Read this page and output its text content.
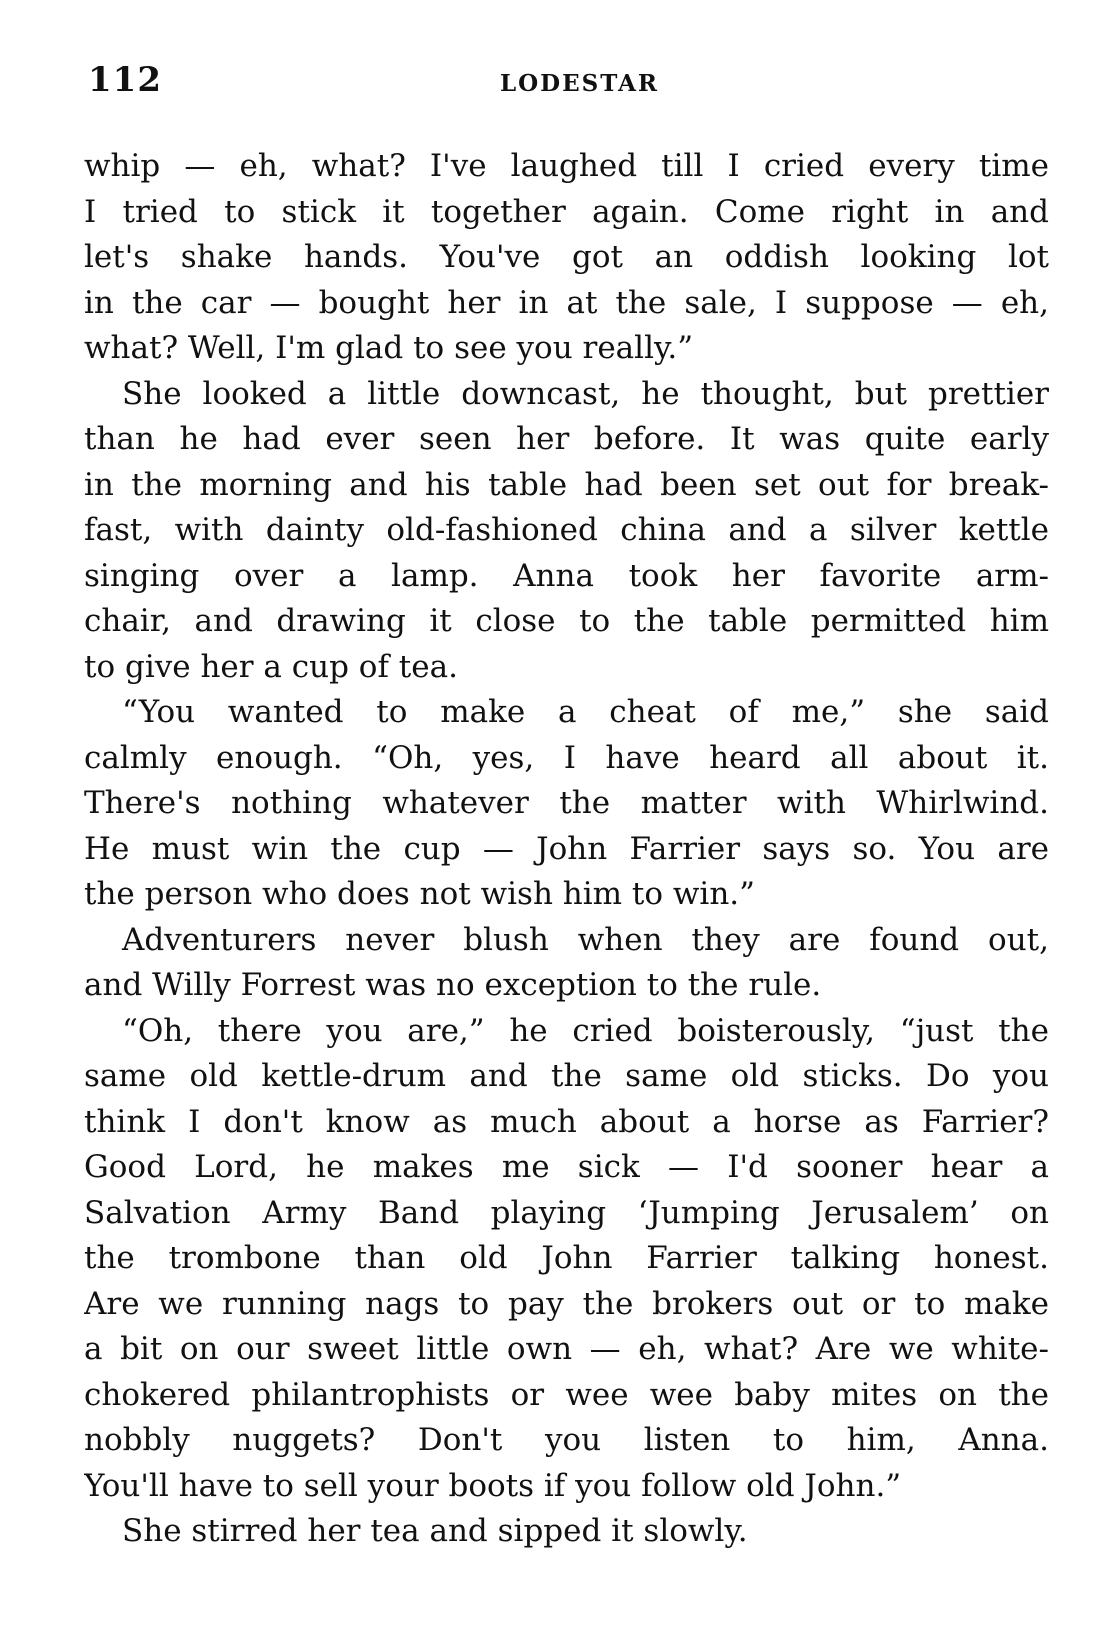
112	LODESTAR
whip — eh, what? I've laughed till I cried every time
I tried to stick it together again. Come right in and
let's shake hands. You've got an oddish looking lot
in the car — bought her in at the sale, I suppose — eh,
what? Well, I'm glad to see you really.”
She looked a little downcast, he thought, but prettier
than he had ever seen her before. It was quite early
in the morning and his table had been set out for break-
fast, with dainty old-fashioned china and a silver kettle
singing over a lamp. Anna took her favorite arm-
chair, and drawing it close to the table permitted him
to give her a cup of tea.
“You wanted to make a cheat of me,” she said
calmly enough. “Oh, yes, I have heard all about it.
There's nothing whatever the matter with Whirlwind.
He must win the cup — John Farrier says so. You are
the person who does not wish him to win.”
Adventurers never blush when they are found out,
and Willy Forrest was no exception to the rule.
“Oh, there you are,” he cried boisterously, “just the
same old kettle-drum and the same old sticks. Do you
think I don't know as much about a horse as Farrier?
Good Lord, he makes me sick — I'd sooner hear a
Salvation Army Band playing ‘Jumping Jerusalem’ on
the trombone than old John Farrier talking honest.
Are we running nags to pay the brokers out or to make
a bit on our sweet little own — eh, what? Are we white-
chokered philantrophists or wee wee baby mites on the
nobbly nuggets? Don't you listen to him, Anna.
You'll have to sell your boots if you follow old John.”
She stirred her tea and sipped it slowly.
